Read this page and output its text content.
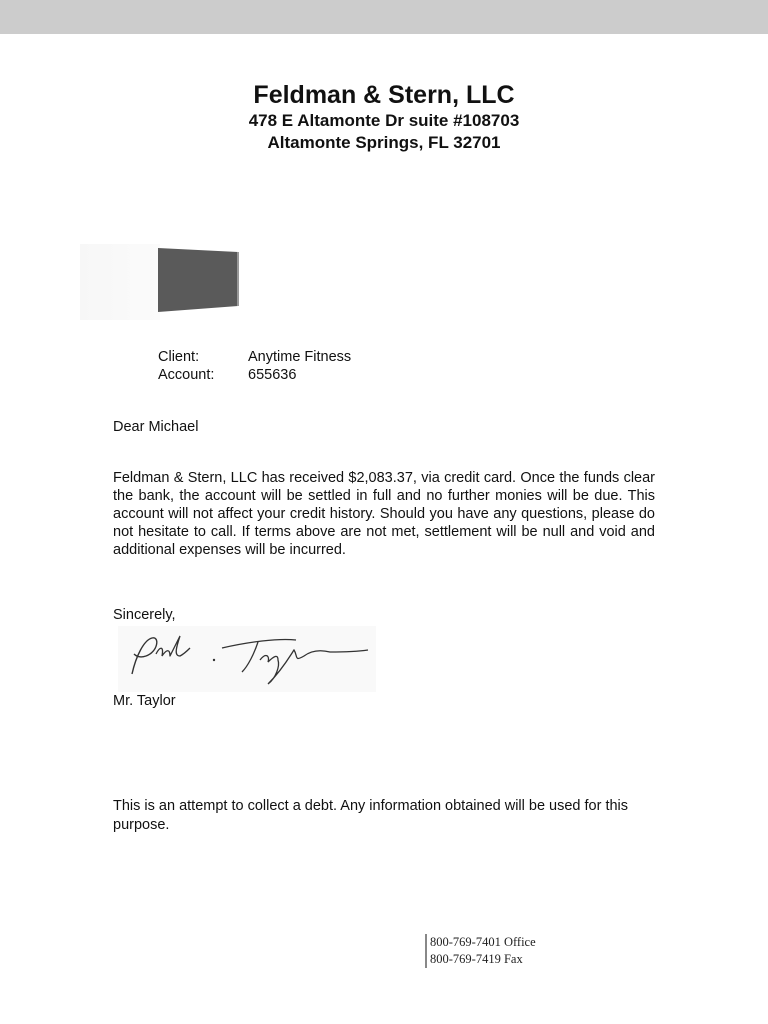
Feldman & Stern, LLC
478 E Altamonte Dr suite #108703
Altamonte Springs, FL 32701
Client:	Anytime Fitness
Account:	655636
Dear Michael
Feldman & Stern, LLC has received $2,083.37, via credit card. Once the funds clear the bank, the account will be settled in full and no further monies will be due. This account will not affect your credit history. Should you have any questions, please do not hesitate to call. If terms above are not met, settlement will be null and void and additional expenses will be incurred.
Sincerely,
Mr. Taylor
This is an attempt to collect a debt. Any information obtained will be used for this purpose.
800-769-7401 Office
800-769-7419 Fax
